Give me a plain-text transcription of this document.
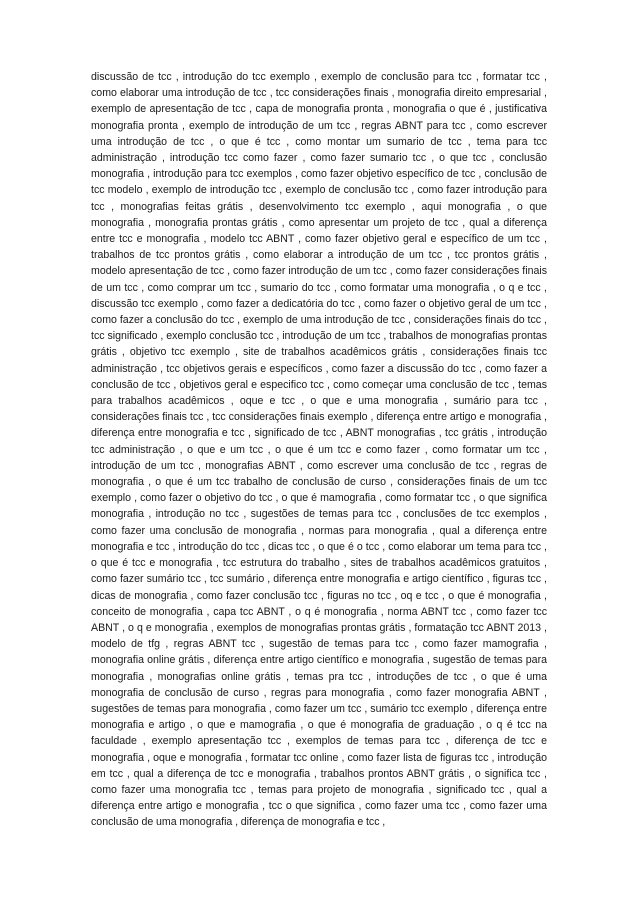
discussão de tcc , introdução do tcc exemplo , exemplo de conclusão para tcc , formatar tcc , como elaborar uma introdução de tcc , tcc considerações finais , monografia direito empresarial , exemplo de apresentação de tcc , capa de monografia pronta , monografia o que é , justificativa monografia pronta , exemplo de introdução de um tcc , regras ABNT para tcc , como escrever uma introdução de tcc , o que é tcc , como montar um sumario de tcc , tema para tcc administração , introdução tcc como fazer , como fazer sumario tcc , o que tcc , conclusão monografia , introdução para tcc exemplos , como fazer objetivo específico de tcc , conclusão de tcc modelo , exemplo de introdução tcc , exemplo de conclusão tcc , como fazer introdução para tcc , monografias feitas grátis , desenvolvimento tcc exemplo , aqui monografia , o que monografia , monografia prontas grátis , como apresentar um projeto de tcc , qual a diferença entre tcc e monografia , modelo tcc ABNT , como fazer objetivo geral e específico de um tcc , trabalhos de tcc prontos grátis , como elaborar a introdução de um tcc , tcc prontos grátis , modelo apresentação de tcc , como fazer introdução de um tcc , como fazer considerações finais de um tcc , como comprar um tcc , sumario do tcc , como formatar uma monografia , o q e tcc , discussão tcc exemplo , como fazer a dedicatória do tcc , como fazer o objetivo geral de um tcc , como fazer a conclusão do tcc , exemplo de uma introdução de tcc , considerações finais do tcc , tcc significado , exemplo conclusão tcc , introdução de um tcc , trabalhos de monografias prontas grátis , objetivo tcc exemplo , site de trabalhos acadêmicos grátis , considerações finais tcc administração , tcc objetivos gerais e específicos , como fazer a discussão do tcc , como fazer a conclusão de tcc , objetivos geral e especifico tcc , como começar uma conclusão de tcc , temas para trabalhos acadêmicos , oque e tcc , o que e uma monografia , sumário para tcc , considerações finais tcc , tcc considerações finais exemplo , diferença entre artigo e monografia , diferença entre monografia e tcc , significado de tcc , ABNT monografias , tcc grátis , introdução tcc administração , o que e um tcc , o que é um tcc e como fazer , como formatar um tcc , introdução de um tcc , monografias ABNT , como escrever uma conclusão de tcc , regras de monografia , o que é um tcc trabalho de conclusão de curso , considerações finais de um tcc exemplo , como fazer o objetivo do tcc , o que é mamografia , como formatar tcc , o que significa monografia , introdução no tcc , sugestões de temas para tcc , conclusões de tcc exemplos , como fazer uma conclusão de monografia , normas para monografia , qual a diferença entre monografia e tcc , introdução do tcc , dicas tcc , o que é o tcc , como elaborar um tema para tcc , o que é tcc e monografia , tcc estrutura do trabalho , sites de trabalhos acadêmicos gratuitos , como fazer sumário tcc , tcc sumário , diferença entre monografia e artigo científico , figuras tcc , dicas de monografia , como fazer conclusão tcc , figuras no tcc , oq e tcc , o que é monografia , conceito de monografia , capa tcc ABNT , o q é monografia , norma ABNT tcc , como fazer tcc ABNT , o q e monografia , exemplos de monografias prontas grátis , formatação tcc ABNT 2013 , modelo de tfg , regras ABNT tcc , sugestão de temas para tcc , como fazer mamografia , monografia online grátis , diferença entre artigo científico e monografia , sugestão de temas para monografia , monografias online grátis , temas pra tcc , introduções de tcc , o que é uma monografia de conclusão de curso , regras para monografia , como fazer monografia ABNT , sugestões de temas para monografia , como fazer um tcc , sumário tcc exemplo , diferença entre monografia e artigo , o que e mamografia , o que é monografia de graduação , o q é tcc na faculdade , exemplo apresentação tcc , exemplos de temas para tcc , diferença de tcc e monografia , oque e monografia , formatar tcc online , como fazer lista de figuras tcc , introdução em tcc , qual a diferença de tcc e monografia , trabalhos prontos ABNT grátis , o significa tcc , como fazer uma monografia tcc , temas para projeto de monografia , significado tcc , qual a diferença entre artigo e monografia , tcc o que significa , como fazer uma tcc , como fazer uma conclusão de uma monografia , diferença de monografia e tcc ,
